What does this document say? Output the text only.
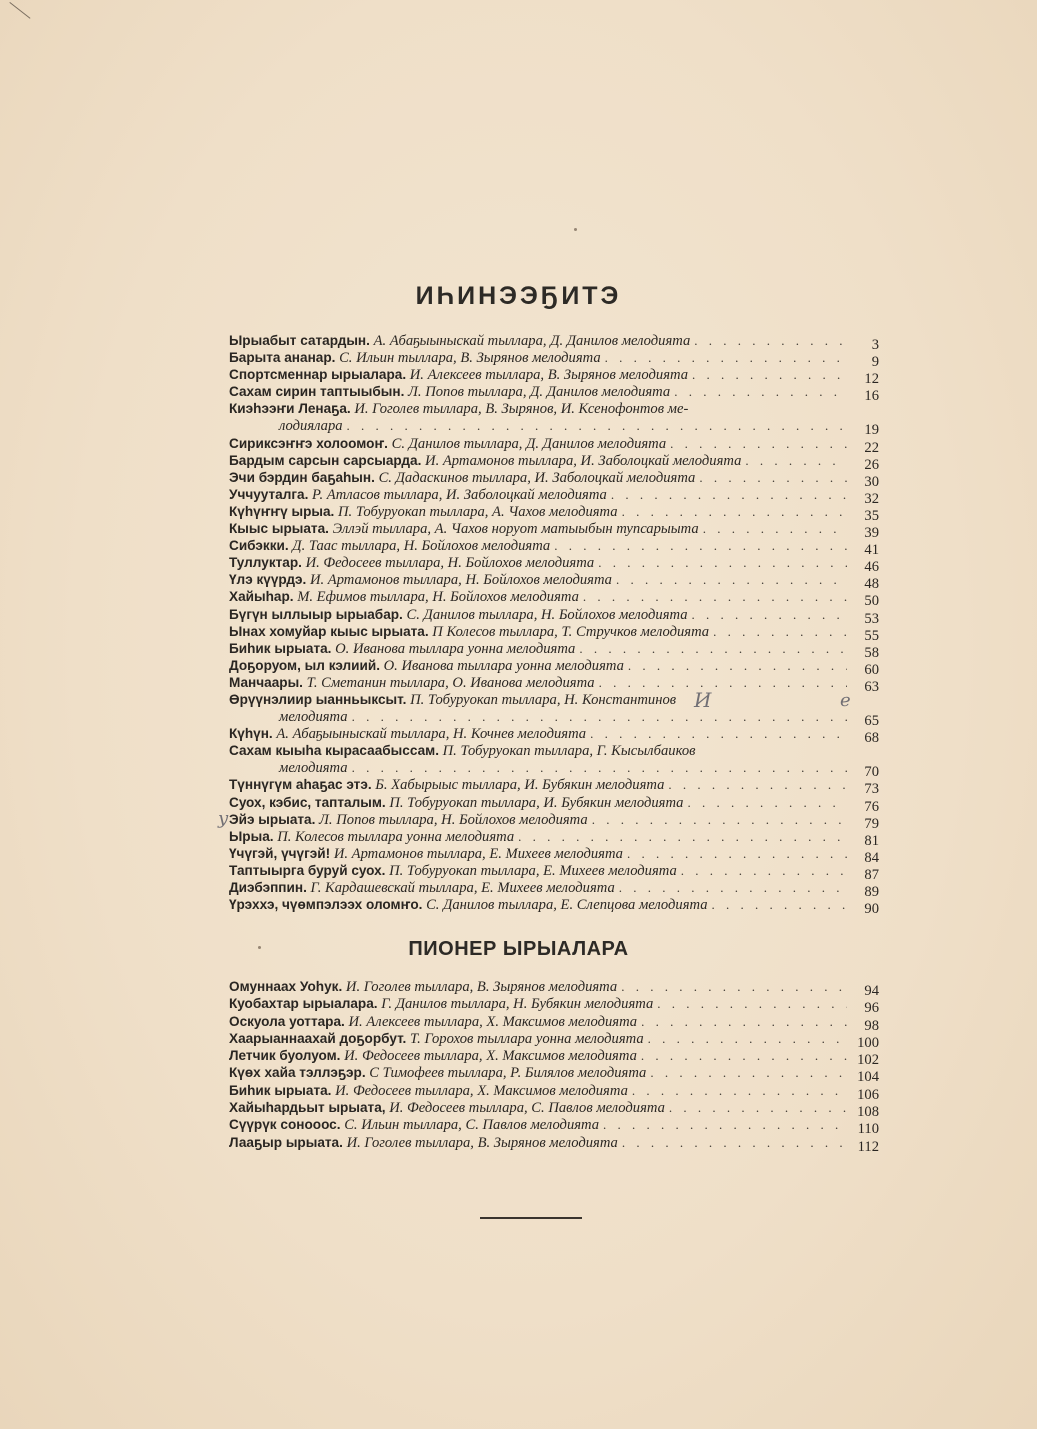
ИҺИНЭЭҔИТЭ
Ырыабыт сатардын.
А. Абаҕыыныскай тыллара, Д. Данилов мелодията . . .	3
Барыта ананар.
С. Ильин тыллара, В. Зырянов мелодията . . .	9
Спортсменнар ырыалара.
И. Алексеев тыллара, В. Зырянов мелодията . . .	12
Сахам сирин таптыыбын.
Л. Попов тыллара, Д. Данилов мелодията . . .	16
Киэһээҥи Ленаҕа.
И. Гоголев тыллара, В. Зырянов, И. Ксенофонтов ме-
лодиялара . . .	19
Сириксэҥҥэ холоомоҥ.
С. Данилов тыллара, Д. Данилов мелодията . . .	22
Бардым сарсын сарсыарда.
И. Артамонов тыллара, И. Заболоцкай мелодията . . .	26
Эчи бэрдин баҕаһын.
С. Дадаскинов тыллара, И. Заболоцкай мелодията . . .	30
Уччууталга.
Р. Атласов тыллара, И. Заболоцкай мелодията . . .	32
Күһүҥҥү ырыа.
П. Тобуруокап тыллара, А. Чахов мелодията . . .	35
Кыыс ырыата.
Эллэй тыллара, А. Чахов норуот матыыбын тупсарыыта . . .	39
Сибэкки.
Д. Таас тыллара, Н. Бойлохов мелодията . . .	41
Туллуктар.
И. Федосеев тыллара, Н. Бойлохов мелодията . . .	46
Үлэ күүрдэ.
И. Артамонов тыллара, Н. Бойлохов мелодията . . .	48
Хайыһар.
М. Ефимов тыллара, Н. Бойлохов мелодията . . .	50
Бүгүн ыллыыр ырыабар.
С. Данилов тыллара, Н. Бойлохов мелодията . . .	53
Ынах хомуйар кыыс ырыата.
П Колесов тыллара, Т. Стручков мелодията . . .	55
Биһик ырыата.
О. Иванова тыллара уонна мелодията . . .	58
Доҕоруом, ыл кэлиий.
О. Иванова тыллара уонна мелодията . . .	60
Манчаары.
Т. Сметанин тыллара, О. Иванова мелодията . . .	63
Өрүүнэлиир ыанньыксыт.
П. Тобуруокап тыллара, Н. Константинов
мелодията . . .	65
Күһүн.
А. Абаҕыыныскай тыллара, Н. Кочнев мелодията . . .	68
Сахам кыыһа кырасаабыссам.
П. Тобуруокап тыллара, Г. Кысылбаиков
мелодията . . .	70
Түннүгүм аһаҕас этэ.
Б. Хабырыыс тыллара, И. Бубякин мелодията . . .	73
Суох, кэбис, тапталым.
П. Тобуруокап тыллара, И. Бубякин мелодията . . .	76
Эйэ ырыата.
Л. Попов тыллара, Н. Бойлохов мелодията . . .	79
Ырыа.
П. Колесов тыллара уонна мелодията . . .	81
Үчүгэй, үчүгэй!
И. Артамонов тыллара, Е. Михеев мелодията . . .	84
Таптыырга буруй суох.
П. Тобуруокап тыллара, Е. Михеев мелодията . . .	87
Диэбэппин.
Г. Кардашевскай тыллара, Е. Михеев мелодията . . .	89
Үрэххэ, чүөмпэлээх оломҥо.
С. Данилов тыллара, Е. Слепцова мелодията . . .	90
ПИОНЕР ЫРЫАЛАРА
Омуннаах Уоһук.
И. Гоголев тыллара, В. Зырянов мелодията . . .	94
Куобахтар ырыалара.
Г. Данилов тыллара, Н. Бубякин мелодията . . .	96
Оскуола уоттара.
И. Алексеев тыллара, Х. Максимов мелодията . . .	98
Хаарыаннаахай доҕорбут.
Т. Горохов тыллара уонна мелодията . . .	100
Летчик буолуом.
И. Федосеев тыллара, Х. Максимов мелодията . . .	102
Күөх хайа тэллэҕэр.
С Тимофеев тыллара, Р. Билялов мелодията . . .	104
Биһик ырыата.
И. Федосеев тыллара, Х. Максимов мелодията . . .	106
Хайыһардьыт ырыата,
И. Федосеев тыллара, С. Павлов мелодията . . .	108
Сүүрүк сонооос.
С. Ильин тыллара, С. Павлов мелодията . . .	110
Лааҕыр ырыата.
И. Гоголев тыллара, В. Зырянов мелодията . . .	112
И	е
у
